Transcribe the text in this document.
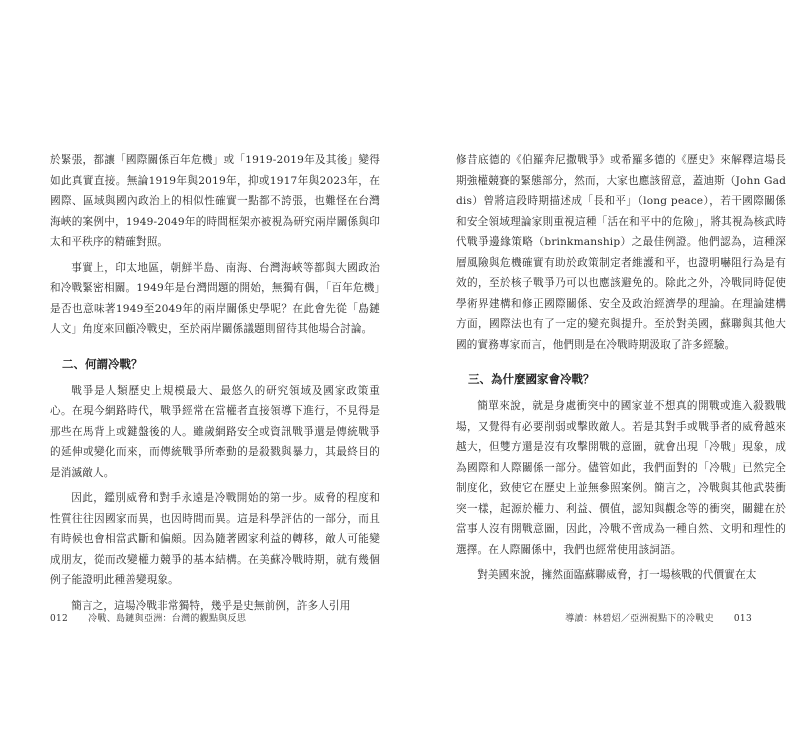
於緊張，都讓「國際關係百年危機」或「1919-2019年及其後」變得如此真實直接。無論1919年與2019年，抑或1917年與2023年，在國際、區域與國內政治上的相似性確實一點都不誇張，也難怪在台灣海峽的案例中，1949-2049年的時間框架亦被視為研究兩岸關係與印太和平秩序的精確對照。

事實上，印太地區，朝鮮半島、南海、台灣海峽等都與大國政治和冷戰緊密相關。1949年是台灣問題的開始，無獨有偶，「百年危機」是否也意味著1949至2049年的兩岸關係史學呢？在此會先從「島鏈人文」角度來回顧冷戰史，至於兩岸關係議題則留待其他場合討論。

二、何謂冷戰？

戰爭是人類歷史上規模最大、最悠久的研究領域及國家政策重心。在現今網路時代，戰爭經常在當權者直接領導下進行，不見得是那些在馬背上或鍵盤後的人。雖歲網路安全或資訊戰爭還是傳統戰爭的延伸或變化而來，而傳統戰爭所牽動的是殺戮與暴力，其最終目的是消滅敵人。

因此，鑑別威脅和對手永遠是冷戰開始的第一步。威脅的程度和性質往往因國家而異，也因時間而異。這是科學評估的一部分，而且有時候也會相當武斷和偏頗。因為隨著國家利益的轉移，敵人可能變成朋友，從而改變權力競爭的基本結構。在美蘇冷戰時期，就有幾個例子能證明此種善變現象。

簡言之，這場冷戰非常獨特，幾乎是史無前例，許多人引用

修昔底德的《伯羅奔尼撒戰爭》或希羅多德的《歷史》來解釋這場長期強權競賽的緊態部分，然而，大家也應該留意，蓋迪斯（John Gaddis）曾將這段時期描述成「長和平」（long peace），若干國際關係和安全領域理論家則重視這種「活在和平中的危險」，將其視為核武時代戰爭邊緣策略（brinkmanship）之最佳例證。他們認為，這種深層風險與危機確實有助於政策制定者維護和平，也證明嚇阻行為是有效的，至於核子戰爭乃可以也應該避免的。除此之外，冷戰同時促使學術界建構和修正國際關係、安全及政治經濟學的理論。在理論建構方面，國際法也有了一定的變充與提升。至於對美國，蘇聯與其他大國的實務專家而言，他們則是在冷戰時期汲取了許多經驗。

三、為什麼國家會冷戰？

簡單來說，就是身處衝突中的國家並不想真的開戰或進入殺戮戰場，又覺得有必要削弱或擊敗敵人。若是其對手或戰爭者的威脅越來越大，但雙方還是沒有攻擊開戰的意圖，就會出現「冷戰」現象，成為國際和人際關係一部分。儘管如此，我們面對的「冷戰」已然完全制度化，致使它在歷史上並無參照案例。簡言之，冷戰與其他武裝衝突一樣，起源於權力、利益、價值，認知與觀念等的衝突，關鍵在於當事人沒有開戰意圖，因此，冷戰不啻成為一種自然、文明和理性的選擇。在人際關係中，我們也經常使用該詞語。

對美國來說，擁然面臨蘇聯威脅，打一場核戰的代價實在太

012 冷戰、島鏈與亞洲：台灣的觀點與反思	導讀：林碧炤／亞洲視點下的冷戰史 013
